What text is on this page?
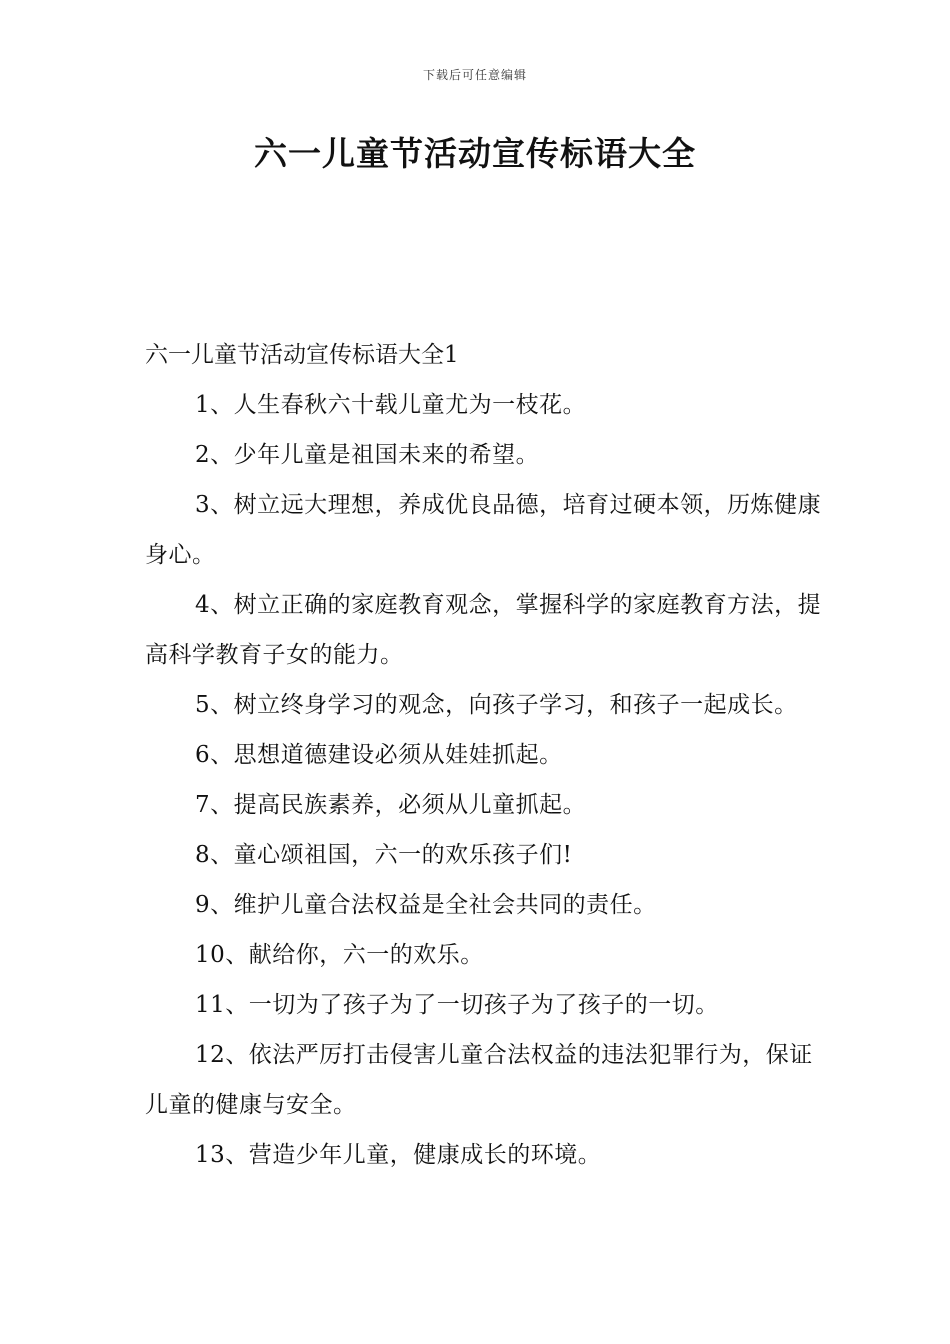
下载后可任意编辑
六一儿童节活动宣传标语大全

六一儿童节活动宣传标语大全1

1、人生春秋六十载儿童尤为一枝花。
2、少年儿童是祖国未来的希望。
3、树立远大理想，养成优良品德，培育过硬本领，历炼健康身心。
4、树立正确的家庭教育观念，掌握科学的家庭教育方法，提高科学教育子女的能力。
5、树立终身学习的观念，向孩子学习，和孩子一起成长。
6、思想道德建设必须从娃娃抓起。
7、提高民族素养，必须从儿童抓起。
8、童心颂祖国，六一的欢乐孩子们!
9、维护儿童合法权益是全社会共同的责任。
10、献给你，六一的欢乐。
11、一切为了孩子为了一切孩子为了孩子的一切。
12、依法严厉打击侵害儿童合法权益的违法犯罪行为，保证儿童的健康与安全。
13、营造少年儿童，健康成长的环境。
